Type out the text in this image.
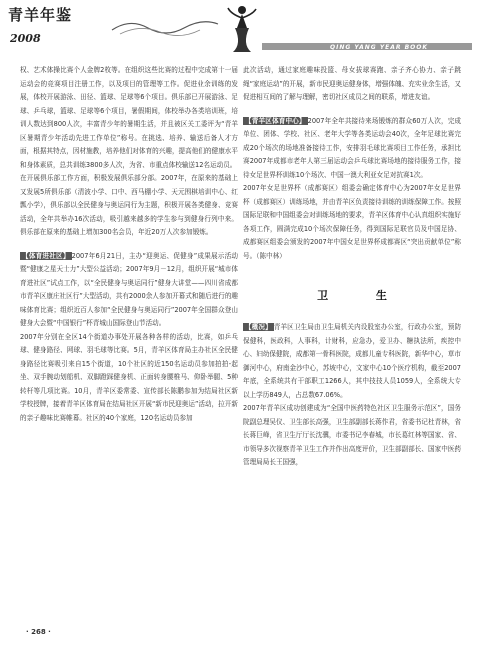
青羊年鉴
2008
QING YANG YEAR BOOK

权、艺术体操比赛个人金牌2枚等。在组织这些比赛的过程中完成第十一届运动会的竞赛项目注册工作，以及项目的管理等工作。促进业余训练的发展，体校开展游泳、田径、篮球、足球等6个项目。俱乐部已开展游泳、足球、乒乓球，篮球、足球等6个项目，暑假期间，体校举办各类培训班，培训人数达到800人次，丰富青少年的暑期生活，并且被区关工委评为“青羊区暑期青少年活动先进工作单位”称号。在挑选、培养、输送后备人才方面，根据其特点，因材施教，培养他们对体育的兴趣，提高他们的健康水平和身体素质，总共训练3800多人次，为省、市重点体校输送12名运动员。

在开展俱乐部工作方面，积极发展俱乐部分部。2007年，在原来的基础上又发展5所俱乐部（清波小学、口中、西马棚小学、天元围棋培训中心、红瓢小学），俱乐部以全民健身与奥运同行为主题，积极开展各类健身、竞赛活动，全年共举办16次活动，吸引越来越多的学生参与到健身行列中来。俱乐部在原来的基础上增加300名会员，年近20万人次参加锻炼。

【体育进社区】 2007年6月21日，主办“迎奥运、促健身”成果展示活动暨“健康之星天士力”大型公益活动；2007年9月－12月，组织开展“城市体育进社区”试点工作，以“全民健身与奥运同行”健身大讲堂——四川省成都市青羊区康庄社区行”大型活动，共有2000余人参加开幕式和随后进行的趣味体育比赛；组织近百人参加“全民健身与奥运同行”2007年全国群众登山健身大会暨“中国银行”杯青城山国际登山节活动。

2007年分别在全区14个街道办事处开展各种各样的活动，比赛，如乒乓球、健身路径、网球、羽毛球等比赛。5月，青羊区体育局主办社区全民健身路径比赛吸引来自15个街道，10个社区的近150名运动员参加拍拍-起坐、双手腕动划船机、双脚蹬踩健身机、正面转身腰椎马、仰卧举腿、5种转杆等几项比赛。10月，青羊区委常委、宣传部长陈鹏参加为结局社区新学校授牌，接着青羊区体育局在结局社区开展“新市民迎奥运”活动，拉开新的亲子趣味比赛帷幕。社区的40个家庭，120名运动员参加

此次活动，通过家庭趣味投篮、母女拔球赛跑、亲子齐心协力、亲子跳绳“家庭运动”的开展，新市民迎奥运健身体，增强体魄、充实业余生活，又促进相互间的了解与理解，密切社区成员之间的联系，增进友谊。

【青羊区体育中心】 2007年全年共接待来场锻炼的群众60万人次，完成单位、团体、学校、社区、老年大学等各类运动会40次，全年足球比赛完成20个场次的场地准备接待工作，安排羽毛球比赛项目工作任务，承担比赛2007年成都市老年人第三届运动会乒乓球比赛场地的接待服务工作，接待女足世界杯训练10个场次、中国一澳大利亚女足对抗赛1次。

2007年女足世界杯（成都赛区）组委会确定体育中心为2007年女足世界杯（成都赛区）训练场地，并由青羊区负责接待训练的训练保障工作。按照国际足联和中国组委会对训练场地的要求，青羊区体育中心认真组织实施好各项工作，圆满完成10个场次保障任务，得到国际足联官员及中国足协、成都赛区组委会颁发的2007年中国女足世界杯成都赛区“突出贡献单位”称号。（陈中林）

卫 生

【概况】 青羊区卫生局由卫生局机关内设股室办公室，行政办公室，预防保健科，医政科，人事科，计财科，应急办，爱卫办、糖执法所，疾控中心、妇幼保健院，成都第一骨科医院，成都儿童专科医院，新华中心，草市御河中心，府南金沙中心，苏坡中心，文家中心10个医疗机构，截至2007年底，全系统共有干部职工1266人，其中技技人员1059人，全系统大专以上学历849人，占总数67.06%。

2007年青羊区成功创建成为“全国中医药特色社区卫生服务示范区”，国务院副总理吴仪、卫生部长高强，卫生部副部长蒋作君，省委书记杜青林，省长蒋巨峰，省卫生厅厅长沈骥，市委书记李春城，市长葛红林等国家、省、市领导多次视察青羊卫生工作并作出高度评价，卫生部副部长、国家中医药管理局局长王国强，

· 268 ·
